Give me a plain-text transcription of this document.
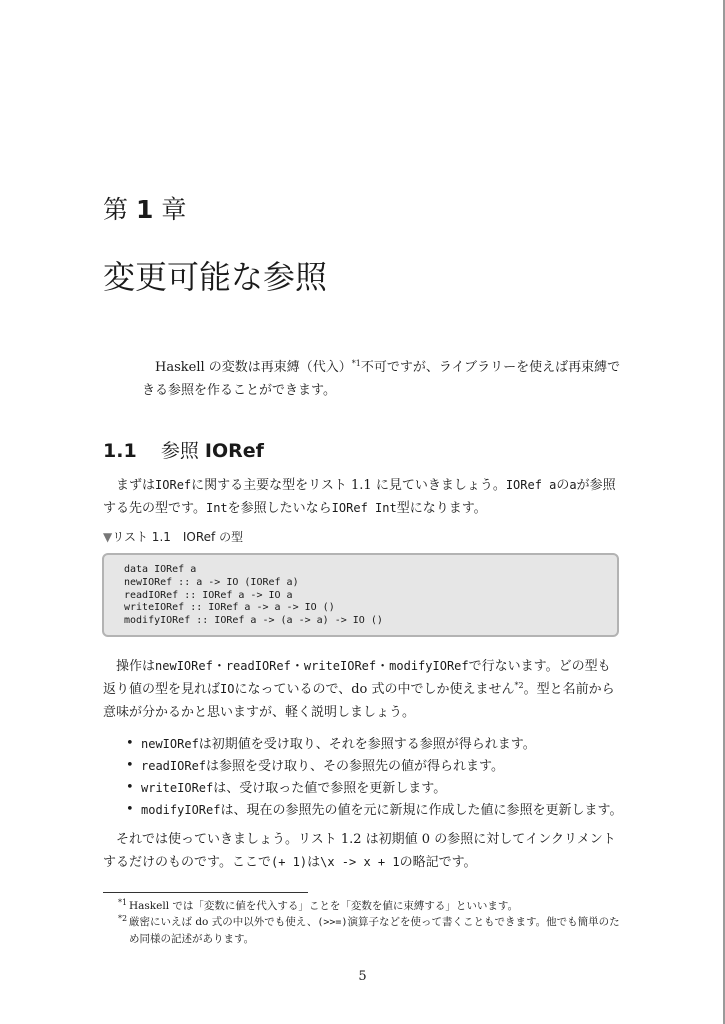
第 1 章
変更可能な参照

Haskell の変数は再束縛（代入）$^{*1}$不可ですが、ライブラリーを使えば再束縛できる参照を作ることができます。

1.1 参照 IORef

まずはIORefに関する主要な型をリスト 1.1 に見ていきましょう。IORef aのaが参照する先の型です。Intを参照したいならIORef Int型になります。

▼リスト 1.1　IORef の型
data IORef a
newIORef :: a -> IO (IORef a)
readIORef :: IORef a -> IO a
writeIORef :: IORef a -> a -> IO ()
modifyIORef :: IORef a -> (a -> a) -> IO ()

操作はnewIORef・readIORef・writeIORef・modifyIORefで行ないます。どの型も返り値の型を見ればIOになっているので、do 式の中でしか使えません$^{*2}$。型と名前から意味が分かるかと思いますが、軽く説明しましょう。

• newIORefは初期値を受け取り、それを参照する参照が得られます。
• readIORefは参照を受け取り、その参照先の値が得られます。
• writeIORefは、受け取った値で参照を更新します。
• modifyIORefは、現在の参照先の値を元に新規に作成した値に参照を更新します。

それでは使っていきましょう。リスト 1.2 は初期値 0 の参照に対してインクリメントするだけのものです。ここで(+ 1)は\x -> x + 1の略記です。

*1 Haskell では「変数に値を代入する」ことを「変数を値に束縛する」といいます。
*2 厳密にいえば do 式の中以外でも使え、(>>=)演算子などを使って書くこともできます。他でも簡単のため同様の記述があります。
5
